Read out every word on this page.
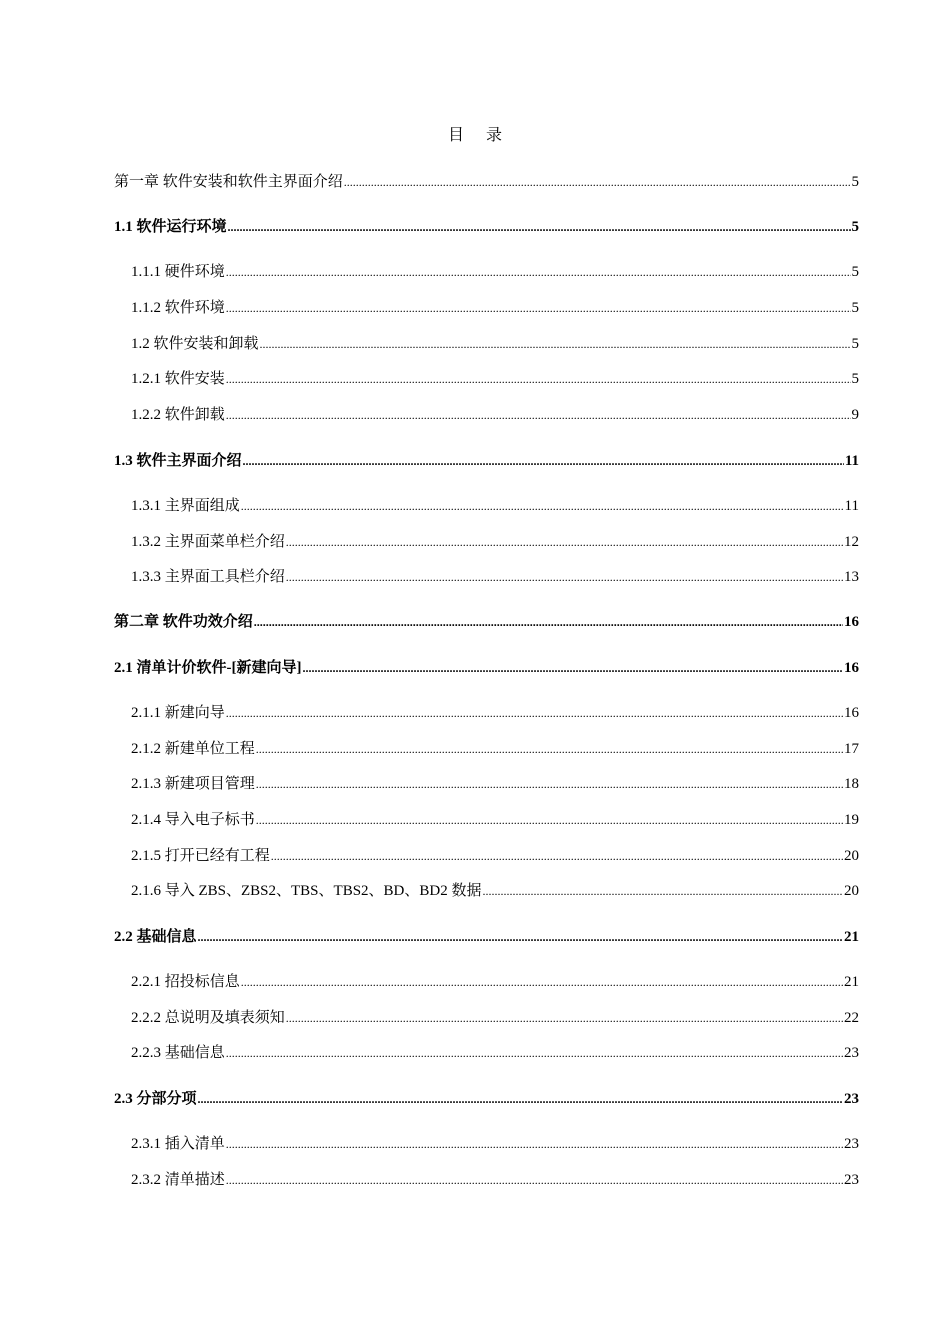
目录
第一章 软件安装和软件主界面介绍 .....	5
1.1 软件运行环境 .....	5
1.1.1 硬件环境 .....	5
1.1.2 软件环境 .....	5
1.2 软件安装和卸载 .....	5
1.2.1 软件安装 .....	5
1.2.2 软件卸载 .....	9
1.3 软件主界面介绍 .....	11
1.3.1 主界面组成 .....	11
1.3.2 主界面菜单栏介绍 .....	12
1.3.3 主界面工具栏介绍 .....	13
第二章 软件功效介绍 .....	16
2.1 清单计价软件-[新建向导] .....	16
2.1.1 新建向导 .....	16
2.1.2 新建单位工程 .....	17
2.1.3 新建项目管理 .....	18
2.1.4 导入电子标书 .....	19
2.1.5 打开已经有工程 .....	20
2.1.6 导入 ZBS、ZBS2、TBS、TBS2、BD、BD2 数据 .....	20
2.2 基础信息 .....	21
2.2.1 招投标信息 .....	21
2.2.2 总说明及填表须知 .....	22
2.2.3 基础信息 .....	23
2.3 分部分项 .....	23
2.3.1 插入清单 .....	23
2.3.2 清单描述 .....	23
